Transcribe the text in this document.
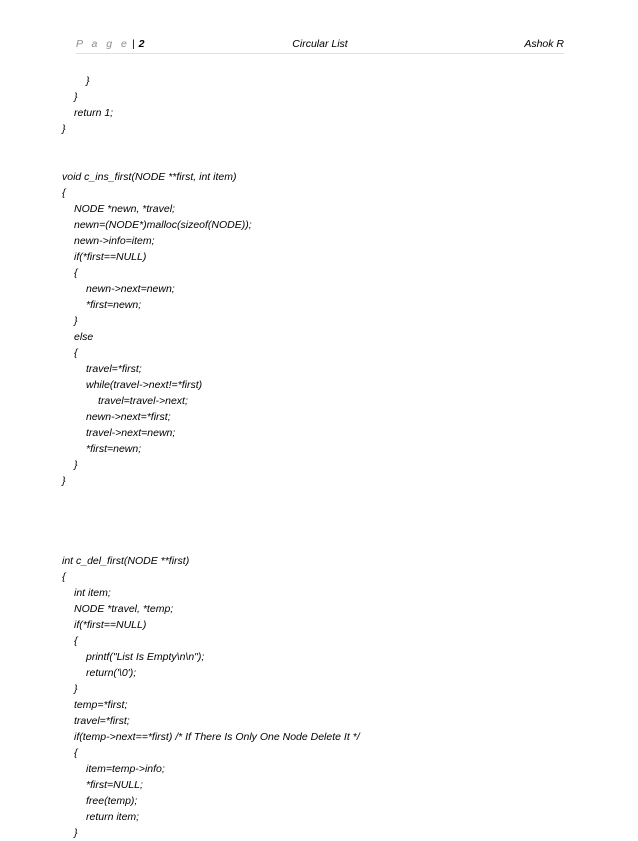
P a g e | 2	Circular List	Ashok R
}
}
return 1;
}
void c_ins_first(NODE **first, int item)
{
NODE *newn, *travel;
newn=(NODE*)malloc(sizeof(NODE));
newn->info=item;
if(*first==NULL)
{
newn->next=newn;
*first=newn;
}
else
{
travel=*first;
while(travel->next!=*first)
travel=travel->next;
newn->next=*first;
travel->next=newn;
*first=newn;
}
}
int c_del_first(NODE **first)
{
int item;
NODE *travel, *temp;
if(*first==NULL)
{
printf("List Is Empty\n\n");
return('\0');
}
temp=*first;
travel=*first;
if(temp->next==*first) /* If There Is Only One Node Delete It */
{
item=temp->info;
*first=NULL;
free(temp);
return item;
}
